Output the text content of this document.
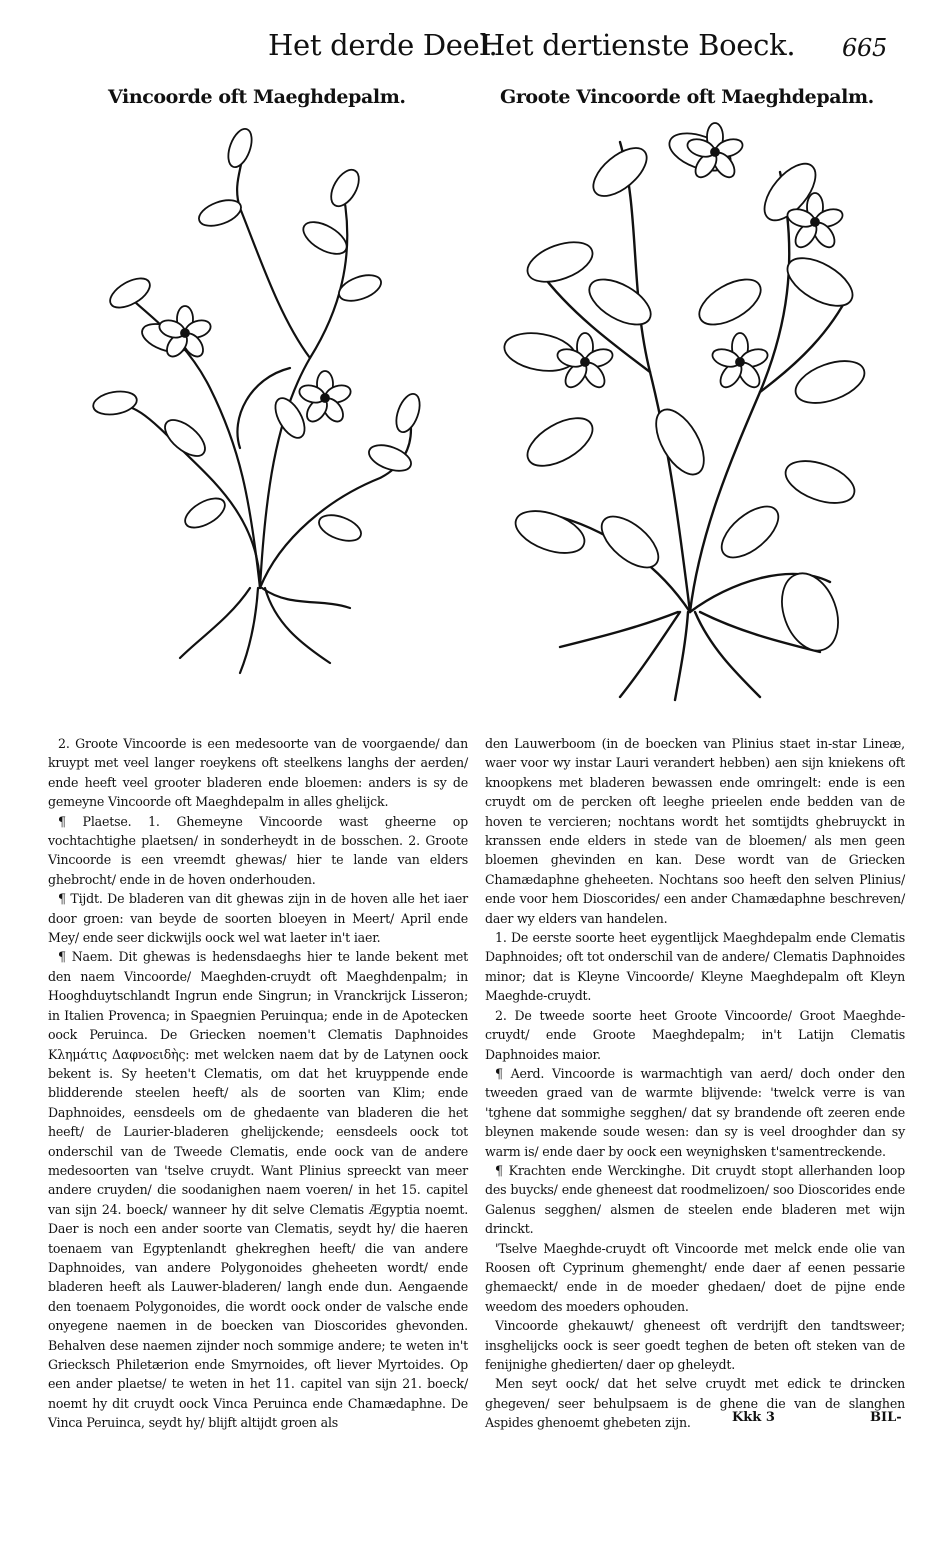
Het derde Deel.
Het dertienste Boeck. 665
Vincoorde oft Maeghdepalm.	Groote Vincoorde oft Maeghdepalm.

2. Groote Vincoorde is een medesoorte van de voorgaende/ dan kruypt met veel langer roeykens oft steelkens langhs der aerden/ ende heeft veel grooter bladeren ende bloemen: anders is sy de gemeyne Vincoorde oft Maeghdepalm in alles ghelijck.

¶ Plaetse. 1. Ghemeyne Vincoorde wast gheerne op vochtachtighe plaetsen/ in sonderheydt in de bosschen. 2. Groote Vincoorde is een vreemdt ghewas/ hier te lande van elders ghebrocht/ ende in de hoven onderhouden.

¶ Tijdt. De bladeren van dit ghewas zijn in de hoven alle het iaer door groen: van beyde de soorten bloeyen in Meert/ April ende Mey/ ende seer dickwijls oock wel wat laeter in't iaer.

¶ Naem. Dit ghewas is hedensdaeghs hier te lande bekent met den naem Vincoorde/ Maeghden-cruydt oft Maeghdenpalm; in Hooghduytschlandt Ingrun ende Singrun; in Vranckrijck Lisseron; in Italien Provenca; in Spaegnien Peruinqua; ende in de Apotecken oock Peruinca. De Griecken noemen't Clematis Daphnoides Κλημάτις Δαφνοειδὴς: met welcken naem dat by de Latynen oock bekent is. Sy heeten't Clematis, om dat het kruyppende ende blidderende steelen heeft/ als de soorten van Klim; ende Daphnoides, eensdeels om de ghedaente van bladeren die het heeft/ de Laurier-bladeren ghelijckende; eensdeels oock tot onderschil van de Tweede Clematis, ende oock van de andere medesoorten van 'tselve cruydt. Want Plinius spreeckt van meer andere cruyden/ die soodanighen naem voeren/ in het 15. capitel van sijn 24. boeck/ wanneer hy dit selve Clematis Ægyptia noemt. Daer is noch een ander soorte van Clematis, seydt hy/ die haeren toenaem van Egyptenlandt ghekreghen heeft/ die van andere Daphnoides, van andere Polygonoides gheheeten wordt/ ende bladeren heeft als Lauwer-bladeren/ langh ende dun. Aengaende den toenaem Polygonoides, die wordt oock onder de valsche ende onyegene naemen in de boecken van Dioscorides ghevonden. Behalven dese naemen zijnder noch sommige andere; te weten in't Griecksch Philetærion ende Smyrnoides, oft liever Myrtoides. Op een ander plaetse/ te weten in het 11. capitel van sijn 21. boeck/ noemt hy dit cruydt oock Vinca Peruinca ende Chamædaphne. De Vinca Peruinca, seydt hy/ blijft altijdt groen als

den Lauwerboom (in de boecken van Plinius staet in-star Lineæ, waer voor wy instar Lauri verandert hebben) aen sijn kniekens oft knoopkens met bladeren bewassen ende omringelt: ende is een cruydt om de percken oft leeghe prieelen ende bedden van de hoven te vercieren; nochtans wordt het somtijdts ghebruyckt in kranssen ende elders in stede van de bloemen/ als men geen bloemen ghevinden en kan. Dese wordt van de Griecken Chamædaphne gheheeten. Nochtans soo heeft den selven Plinius/ ende voor hem Dioscorides/ een ander Chamædaphne beschreven/ daer wy elders van handelen.

1. De eerste soorte heet eygentlijck Maeghdepalm ende Clematis Daphnoides; oft tot onderschil van de andere/ Clematis Daphnoides minor; dat is Kleyne Vincoorde/ Kleyne Maeghdepalm oft Kleyn Maeghde-cruydt.

2. De tweede soorte heet Groote Vincoorde/ Groot Maeghde-cruydt/ ende Groote Maeghdepalm; in't Latijn Clematis Daphnoides maior.

¶ Aerd. Vincoorde is warmachtigh van aerd/ doch onder den tweeden graed van de warmte blijvende: 'twelck verre is van 'tghene dat sommighe segghen/ dat sy brandende oft zeeren ende bleynen makende soude wesen: dan sy is veel drooghder dan sy warm is/ ende daer by oock een weynighsken t'samentreckende.

¶ Krachten ende Werckinghe. Dit cruydt stopt allerhanden loop des buycks/ ende gheneest dat roodmelizoen/ soo Dioscorides ende Galenus segghen/ alsmen de steelen ende bladeren met wijn drinckt.

'Tselve Maeghde-cruydt oft Vincoorde met melck ende olie van Roosen oft Cyprinum ghemenght/ ende daer af eenen pessarie ghemaeckt/ ende in de moeder ghedaen/ doet de pijne ende weedom des moeders ophouden.

Vincoorde ghekauwt/ gheneest oft verdrijft den tandtsweer; insghelijcks oock is seer goedt teghen de beten oft steken van de fenijnighe ghedierten/ daer op gheleydt.

Men seyt oock/ dat het selve cruydt met edick te drincken ghegeven/ seer behulpsaem is de ghene die van de slanghen Aspides ghenoemt ghebeten zijn.	Kkk 3	BIL-
